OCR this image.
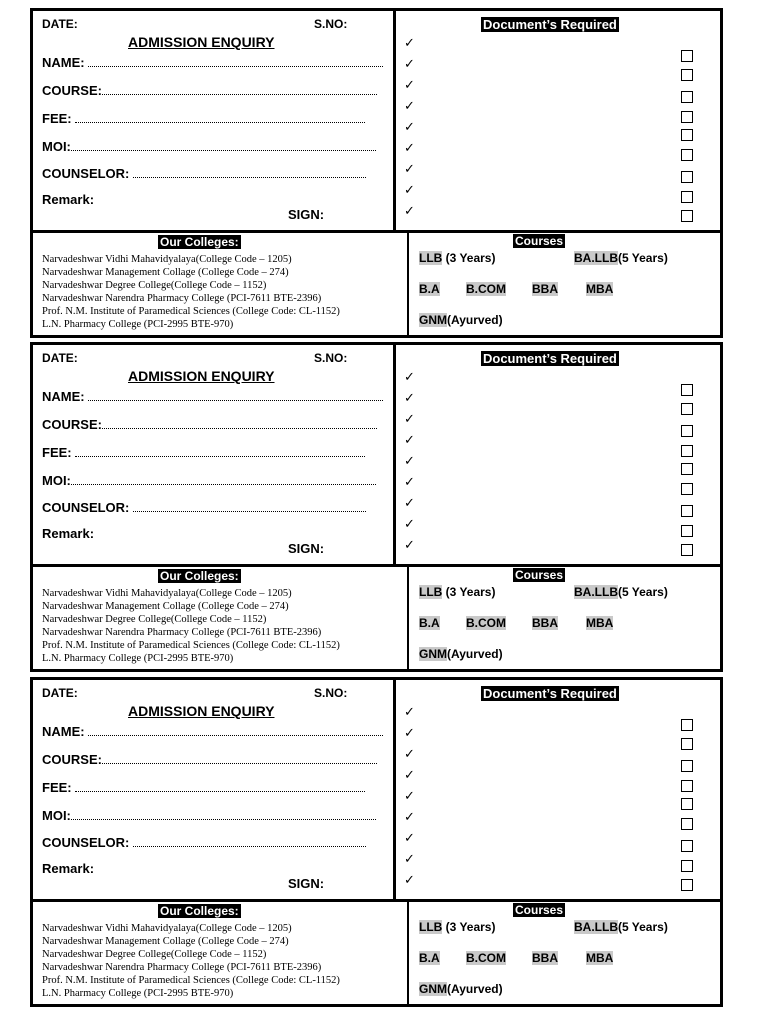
DATE:	S.NO:
ADMISSION ENQUIRY
NAME:
COURSE:
FEE:
MOI:
COUNSELOR:
Remark:
SIGN:
Document’s Required
✓
✓
✓
✓
✓
✓
✓
✓
✓
Our Colleges:
Narvadeshwar Vidhi Mahavidyalaya(College Code – 1205)
Narvadeshwar Management Collage (College Code – 274)
Narvadeshwar Degree College(College Code – 1152)
Narvadeshwar Narendra Pharmacy College (PCI-7611 BTE-2396)
Prof. N.M. Institute of Paramedical Sciences (College Code: CL-1152)
L.N. Pharmacy College (PCI-2995 BTE-970)
Courses
LLB (3 Years)	BA.LLB(5 Years)
B.A B.COM BBA MBA
GNM(Ayurved)
DATE:	S.NO:
ADMISSION ENQUIRY
NAME:
COURSE:
FEE:
MOI:
COUNSELOR:
Remark:
SIGN:
Document’s Required
✓
✓
✓
✓
✓
✓
✓
✓
✓
Our Colleges:
Narvadeshwar Vidhi Mahavidyalaya(College Code – 1205)
Narvadeshwar Management Collage (College Code – 274)
Narvadeshwar Degree College(College Code – 1152)
Narvadeshwar Narendra Pharmacy College (PCI-7611 BTE-2396)
Prof. N.M. Institute of Paramedical Sciences (College Code: CL-1152)
L.N. Pharmacy College (PCI-2995 BTE-970)
Courses
LLB (3 Years)	BA.LLB(5 Years)
B.A B.COM BBA MBA
GNM(Ayurved)
DATE:	S.NO:
ADMISSION ENQUIRY
NAME:
COURSE:
FEE:
MOI:
COUNSELOR:
Remark:
SIGN:
Document’s Required
✓
✓
✓
✓
✓
✓
✓
✓
✓
Our Colleges:
Narvadeshwar Vidhi Mahavidyalaya(College Code – 1205)
Narvadeshwar Management Collage (College Code – 274)
Narvadeshwar Degree College(College Code – 1152)
Narvadeshwar Narendra Pharmacy College (PCI-7611 BTE-2396)
Prof. N.M. Institute of Paramedical Sciences (College Code: CL-1152)
L.N. Pharmacy College (PCI-2995 BTE-970)
Courses
LLB (3 Years)	BA.LLB(5 Years)
B.A B.COM BBA MBA
GNM(Ayurved)
